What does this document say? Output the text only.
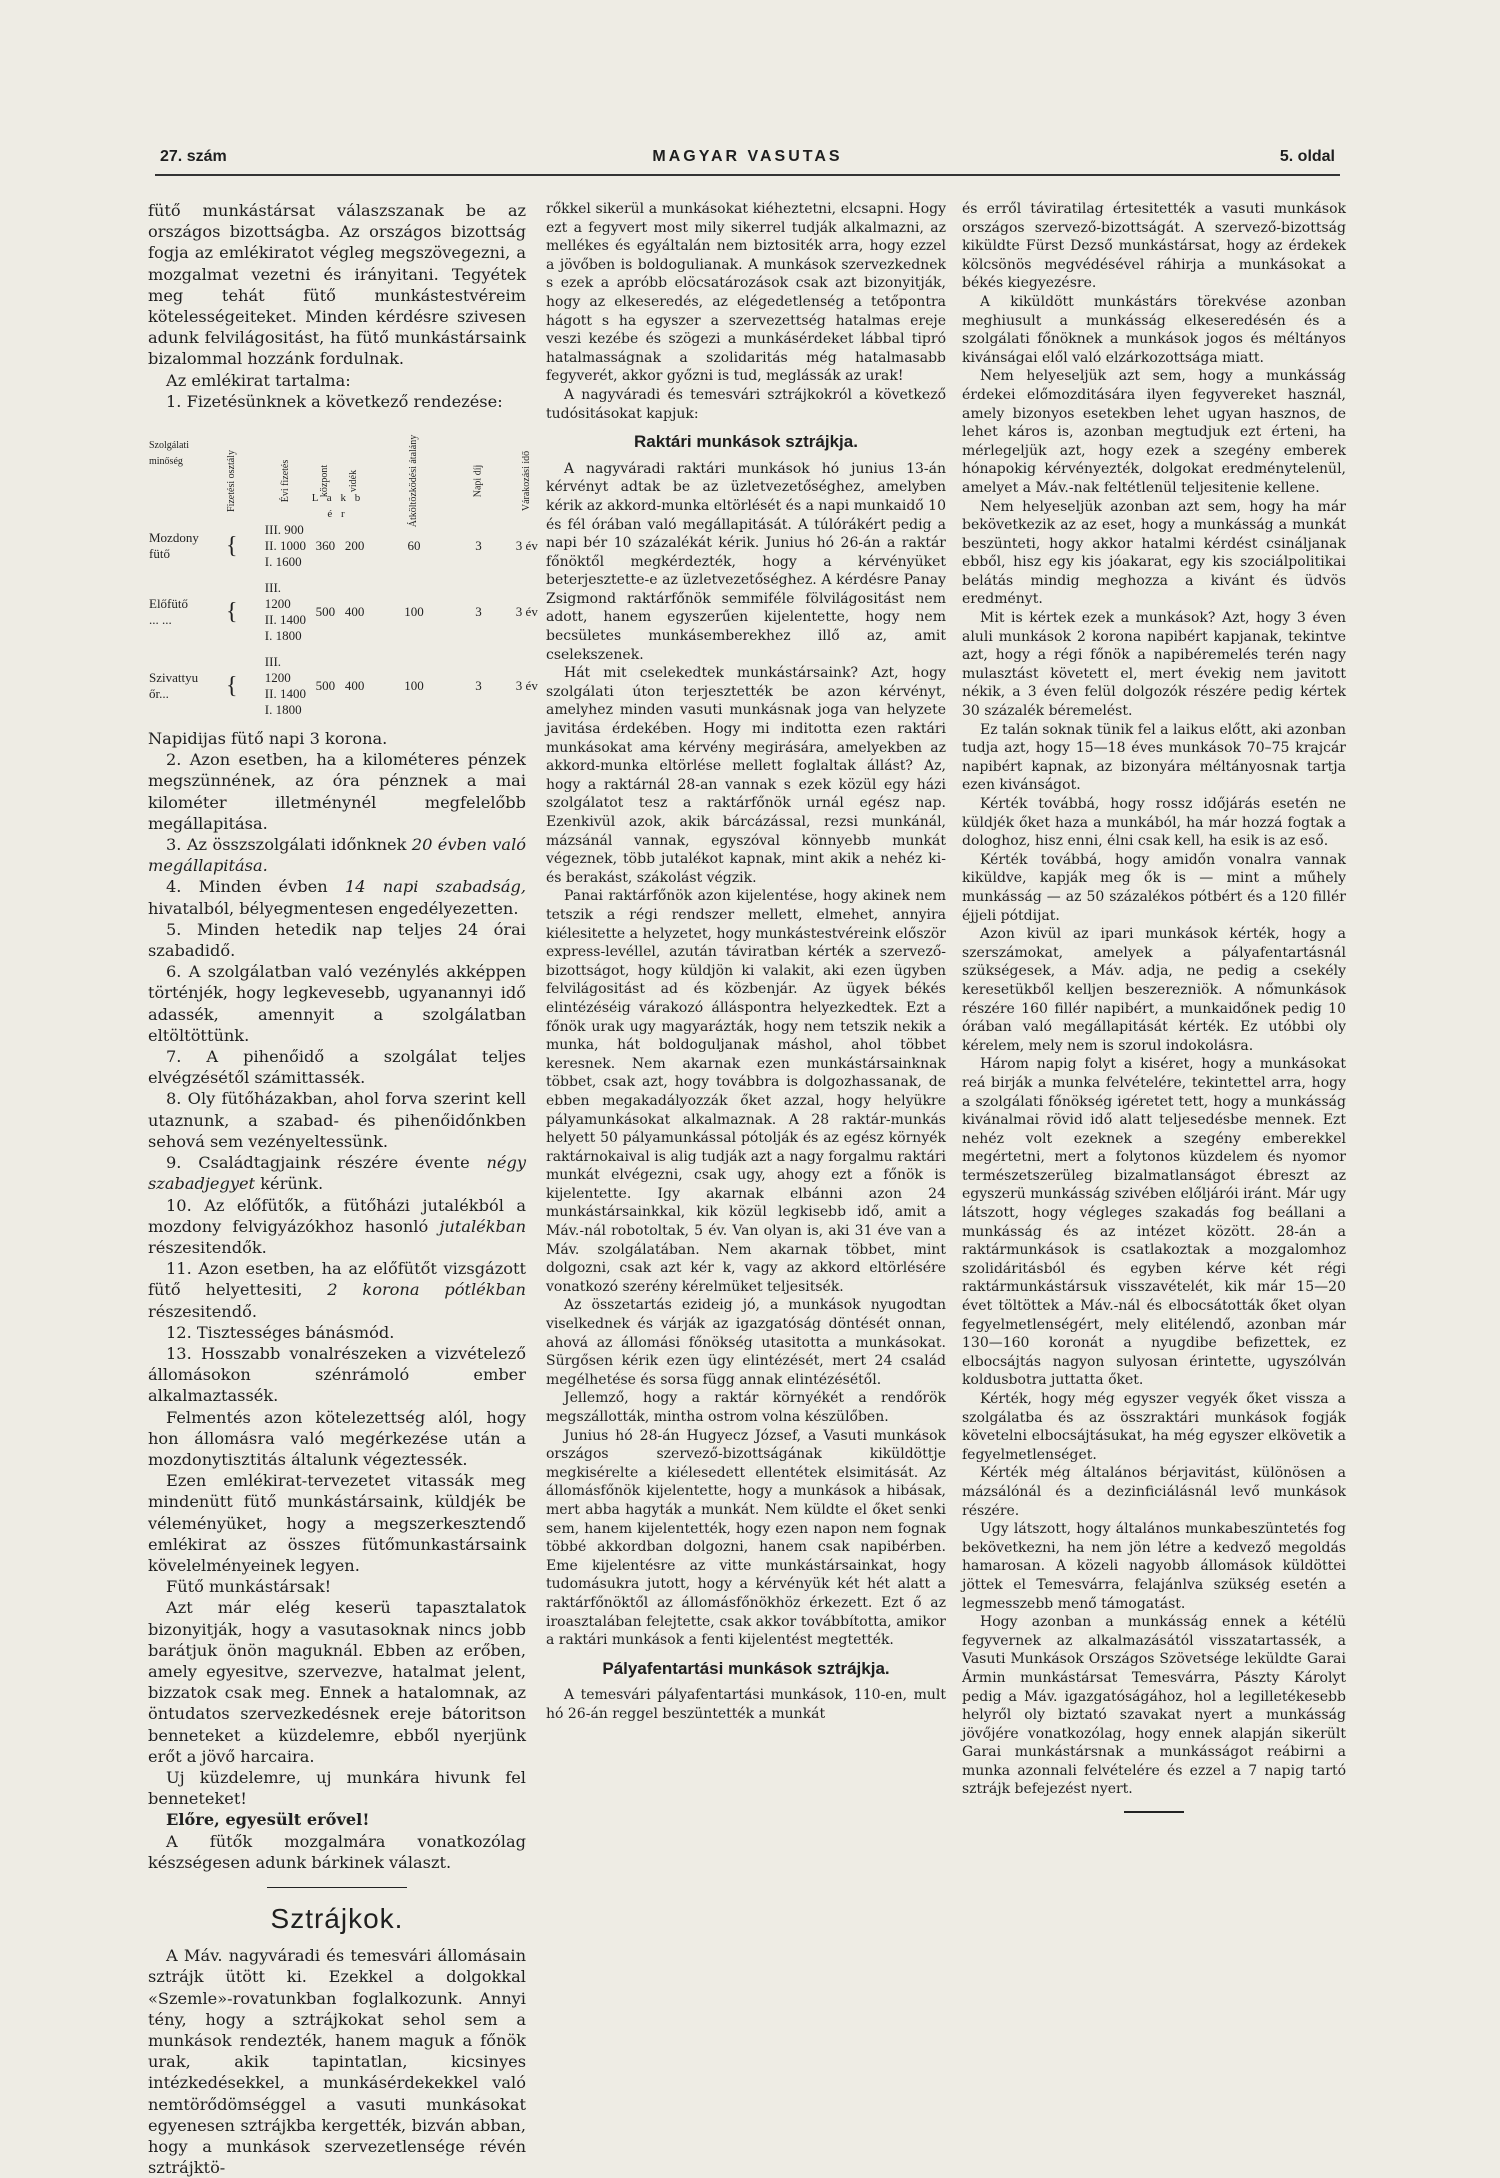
27. szám	MAGYAR VASUTAS	5. oldal

fütő munkástársat válaszszanak be az országos bizottságba. Az országos bizottság fogja az emlékiratot végleg megszövegezni, a mozgalmat vezetni és irányitani. Tegyétek meg tehát fütő munkástestvéreim kötelességeiteket. Minden kérdésre szivesen adunk felvilágositást, ha fütő munkástársaink bizalommal hozzánk fordulnak.

Az emlékirat tartalma:

1. Fizetésünknek a következő rendezése:

Szolgálati minőség	Fizetési osztály	Évi fizetés	központ	vidék	Átköltözködési átalány	Napi díj	Várakozási idő
			L a k b é r				
Mozdony fütő	{	III. 900
II. 1000
I. 1600	360	200	60	3	3 év

Előfütő ... ...	{	III. 1200
II. 1400
I. 1800	500	400	100	3	3 év

Szivattyu őr...	{	III. 1200
II. 1400
I. 1800	500	400	100	3	3 év

Napidijas fütő napi 3 korona.

2. Azon esetben, ha a kilométeres pénzek megszünnének, az óra pénznek a mai kilométer illetménynél megfelelőbb megállapitása.

3. Az összszolgálati időnknek 20 évben való megállapitása.

4. Minden évben 14 napi szabadság, hivatalból, bélyegmentesen engedélyezetten.

5. Minden hetedik nap teljes 24 órai szabadidő.

6. A szolgálatban való vezénylés akképpen történjék, hogy legkevesebb, ugyanannyi idő adassék, amennyit a szolgálatban eltöltöttünk.

7. A pihenőidő a szolgálat teljes elvégzésétől számittassék.

8. Oly fütőházakban, ahol forva szerint kell utaznunk, a szabad- és pihenőidőnkben sehová sem vezényeltessünk.

9. Családtagjaink részére évente négy szabadjegyet kérünk.

10. Az előfütők, a fütőházi jutalékból a mozdony felvigyázókhoz hasonló jutalékban részesitendők.

11. Azon esetben, ha az előfütőt vizsgázott fütő helyettesiti, 2 korona pótlékban részesitendő.

12. Tisztességes bánásmód.

13. Hosszabb vonalrészeken a vizvételező állomásokon szénrámoló ember alkalmaztassék.

Felmentés azon kötelezettség alól, hogy hon állomásra való megérkezése után a mozdonytisztitás általunk végeztessék.

Ezen emlékirat-tervezetet vitassák meg mindenütt fütő munkástársaink, küldjék be véleményüket, hogy a megszerkesztendő emlékirat az összes fütőmunkastársaink kövelelményeinek legyen.

Fütő munkástársak!

Azt már elég keserü tapasztalatok bizonyitják, hogy a vasutasoknak nincs jobb barátjuk önön maguknál. Ebben az erőben, amely egyesitve, szervezve, hatalmat jelent, bizzatok csak meg. Ennek a hatalomnak, az öntudatos szervezkedésnek ereje bátoritson benneteket a küzdelemre, ebből nyerjünk erőt a jövő harcaira.

Uj küzdelemre, uj munkára hivunk fel benneteket!

Előre, egyesült erővel!

A fütők mozgalmára vonatkozólag készségesen adunk bárkinek választ.

Sztrájkok.

A Máv. nagyváradi és temesvári állomásain sztrájk ütött ki. Ezekkel a dolgokkal «Szemle»-rovatunkban foglalkozunk. Annyi tény, hogy a sztrájkokat sehol sem a munkások rendezték, hanem maguk a főnök urak, akik tapintatlan, kicsinyes intézkedésekkel, a munkásérdekekkel való nemtörődömséggel a vasuti munkásokat egyenesen sztrájkba kergették, bizván abban, hogy a munkások szervezetlensége révén sztrájktö-

rőkkel sikerül a munkásokat kiéheztetni, elcsapni. Hogy ezt a fegyvert most mily sikerrel tudják alkalmazni, az mellékes és egyáltalán nem biztositék arra, hogy ezzel a jövőben is boldogulianak. A munkások szervezkednek s ezek a apróbb elöcsatározások csak azt bizonyitják, hogy az elkeseredés, az elégedetlenség a tetőpontra hágott s ha egyszer a szervezettség hatalmas ereje veszi kezébe és szögezi a munkásérdeket lábbal tipró hatalmasságnak a szolidaritás még hatalmasabb fegyverét, akkor győzni is tud, meglássák az urak!

A nagyváradi és temesvári sztrájkokról a következő tudósitásokat kapjuk:

Raktári munkások sztrájkja.

A nagyváradi raktári munkások hó junius 13-án kérvényt adtak be az üzletvezetőséghez, amelyben kérik az akkord-munka eltörlését és a napi munkaidő 10 és fél órában való megállapitását. A túlórákért pedig a napi bér 10 százalékát kérik. Junius hó 26-án a raktár főnöktől megkérdezték, hogy a kérvényüket beterjesztette-e az üzletvezetőséghez. A kérdésre Panay Zsigmond raktárfőnök semmiféle fölvilágositást nem adott, hanem egyszerűen kijelentette, hogy nem becsületes munkásemberekhez illő az, amit cselekszenek.

Hát mit cselekedtek munkástársaink? Azt, hogy szolgálati úton terjesztették be azon kérvényt, amelyhez minden vasuti munkásnak joga van helyzete javitása érdekében. Hogy mi inditotta ezen raktári munkásokat ama kérvény megirására, amelyekben az akkord-munka eltörlése mellett foglaltak állást? Az, hogy a raktárnál 28-an vannak s ezek közül egy házi szolgálatot tesz a raktárfőnök urnál egész nap. Ezenkivül azok, akik bárcázással, rezsi munkánál, mázsánál vannak, egyszóval könnyebb munkát végeznek, több jutalékot kapnak, mint akik a nehéz ki- és berakást, szákolást végzik.

Panai raktárfőnök azon kijelentése, hogy akinek nem tetszik a régi rendszer mellett, elmehet, annyira kiélesitette a helyzetet, hogy munkástestvéreink először express-levéllel, azután táviratban kérték a szervező-bizottságot, hogy küldjön ki valakit, aki ezen ügyben felvilágositást ad és közbenjár. Az ügyek békés elintézéséig várakozó álláspontra helyezkedtek. Ezt a főnök urak ugy magyarázták, hogy nem tetszik nekik a munka, hát boldoguljanak máshol, ahol többet keresnek. Nem akarnak ezen munkástársainknak többet, csak azt, hogy továbbra is dolgozhassanak, de ebben megakadályozzák őket azzal, hogy helyükre pályamunkásokat alkalmaznak. A 28 raktár-munkás helyett 50 pályamunkással pótolják és az egész környék raktárnokaival is alig tudják azt a nagy forgalmu raktári munkát elvégezni, csak ugy, ahogy ezt a főnök is kijelentette. Igy akarnak elbánni azon 24 munkástársainkkal, kik közül legkisebb idő, amit a Máv.-nál robotoltak, 5 év. Van olyan is, aki 31 éve van a Máv. szolgálatában. Nem akarnak többet, mint dolgozni, csak azt kér k, vagy az akkord eltörlésére vonatkozó szerény kérelmüket teljesitsék.

Az összetartás ezideig jó, a munkások nyugodtan viselkednek és várják az igazgatóság döntését onnan, ahová az állomási főnökség utasitotta a munkásokat. Sürgősen kérik ezen ügy elintézését, mert 24 család megélhetése és sorsa függ annak elintézésétől.

Jellemző, hogy a raktár környékét a rendőrök megszállották, mintha ostrom volna készülőben.

Junius hó 28-án Hugyecz József, a Vasuti munkások országos szervező-bizottságának kiküldöttje megkisérelte a kiélesedett ellentétek elsimitását. Az állomásfőnök kijelentette, hogy a munkások a hibásak, mert abba hagyták a munkát. Nem küldte el őket senki sem, hanem kijelentették, hogy ezen napon nem fognak többé akkordban dolgozni, hanem csak napibérben. Eme kijelentésre az vitte munkástársainkat, hogy tudomásukra jutott, hogy a kérvényük két hét alatt a raktárfőnöktől az állomásfőnökhöz érkezett. Ezt ő az iroasztalában felejtette, csak akkor továbbította, amikor a raktári munkások a fenti kijelentést megtették.

Pályafentartási munkások sztrájkja.

A temesvári pályafentartási munkások, 110-en, mult hó 26-án reggel beszüntették a munkát

és erről táviratilag értesitették a vasuti munkások országos szervező-bizottságát. A szervező-bizottság kiküldte Fürst Dezső munkástársat, hogy az érdekek kölcsönös megvédésével ráhirja a munkásokat a békés kiegyezésre.

A kiküldött munkástárs törekvése azonban meghiusult a munkásság elkeseredésén és a szolgálati főnöknek a munkások jogos és méltányos kivánságai elől való elzárkozottsága miatt.

Nem helyeseljük azt sem, hogy a munkásság érdekei előmozditására ilyen fegyvereket használ, amely bizonyos esetekben lehet ugyan hasznos, de lehet káros is, azonban megtudjuk ezt érteni, ha mérlegeljük azt, hogy ezek a szegény emberek hónapokig kérvényezték, dolgokat eredménytelenül, amelyet a Máv.-nak feltétlenül teljesitenie kellene.

Nem helyeseljük azonban azt sem, hogy ha már bekövetkezik az az eset, hogy a munkásság a munkát beszünteti, hogy akkor hatalmi kérdést csináljanak ebből, hisz egy kis jóakarat, egy kis szociálpolitikai belátás mindig meghozza a kivánt és üdvös eredményt.

Mit is kértek ezek a munkások? Azt, hogy 3 éven aluli munkások 2 korona napibért kapjanak, tekintve azt, hogy a régi főnök a napibéremelés terén nagy mulasztást követett el, mert évekig nem javitott nékik, a 3 éven felül dolgozók részére pedig kértek 30 százalék béremelést.

Ez talán soknak tünik fel a laikus előtt, aki azonban tudja azt, hogy 15—18 éves munkások 70–75 krajcár napibért kapnak, az bizonyára méltányosnak tartja ezen kivánságot.

Kérték továbbá, hogy rossz időjárás esetén ne küldjék őket haza a munkából, ha már hozzá fogtak a dologhoz, hisz enni, élni csak kell, ha esik is az eső.

Kérték továbbá, hogy amidőn vonalra vannak kiküldve, kapják meg ők is — mint a műhely munkásság — az 50 százalékos pótbért és a 120 fillér éjjeli pótdijat.

Azon kivül az ipari munkások kérték, hogy a szerszámokat, amelyek a pályafentartásnál szükségesek, a Máv. adja, ne pedig a csekély keresetükből kelljen beszerezniök. A nőmunkások részére 160 fillér napibért, a munkaidőnek pedig 10 órában való megállapitását kérték. Ez utóbbi oly kérelem, mely nem is szorul indokolásra.

Három napig folyt a kiséret, hogy a munkásokat reá birják a munka felvételére, tekintettel arra, hogy a szolgálati főnökség igéretet tett, hogy a munkásság kivánalmai rövid idő alatt teljesedésbe mennek. Ezt nehéz volt ezeknek a szegény emberekkel megértetni, mert a folytonos küzdelem és nyomor természetszerüleg bizalmatlanságot ébreszt az egyszerü munkásság szivében előljárói iránt. Már ugy látszott, hogy végleges szakadás fog beállani a munkásság és az intézet között. 28-án a raktármunkások is csatlakoztak a mozgalomhoz szolidáritásból és egyben kérve két régi raktármunkástársuk visszavételét, kik már 15—20 évet töltöttek a Máv.-nál és elbocsátották őket olyan fegyelmetlenségért, mely elitélendő, azonban már 130—160 koronát a nyugdibe befizettek, ez elbocsájtás nagyon sulyosan érintette, ugyszólván koldusbotra juttatta őket.

Kérték, hogy még egyszer vegyék őket vissza a szolgálatba és az összraktári munkások fogják követelni elbocsájtásukat, ha még egyszer elkövetik a fegyelmetlenséget.

Kérték még általános bérjavitást, különösen a mázsálónál és a dezinficiálásnál levő munkások részére.

Ugy látszott, hogy általános munkabeszüntetés fog bekövetkezni, ha nem jön létre a kedvező megoldás hamarosan. A közeli nagyobb állomások küldöttei jöttek el Temesvárra, felajánlva szükség esetén a legmesszebb menő támogatást.

Hogy azonban a munkásság ennek a kétélü fegyvernek az alkalmazásától visszatartassék, a Vasuti Munkások Országos Szövetsége leküldte Garai Ármin munkástársat Temesvárra, Pászty Károlyt pedig a Máv. igazgatóságához, hol a legilletékesebb helyről oly biztató szavakat nyert a munkásság jövőjére vonatkozólag, hogy ennek alapján sikerült Garai munkástársnak a munkásságot reábirni a munka azonnali felvételére és ezzel a 7 napig tartó sztrájk befejezést nyert.
